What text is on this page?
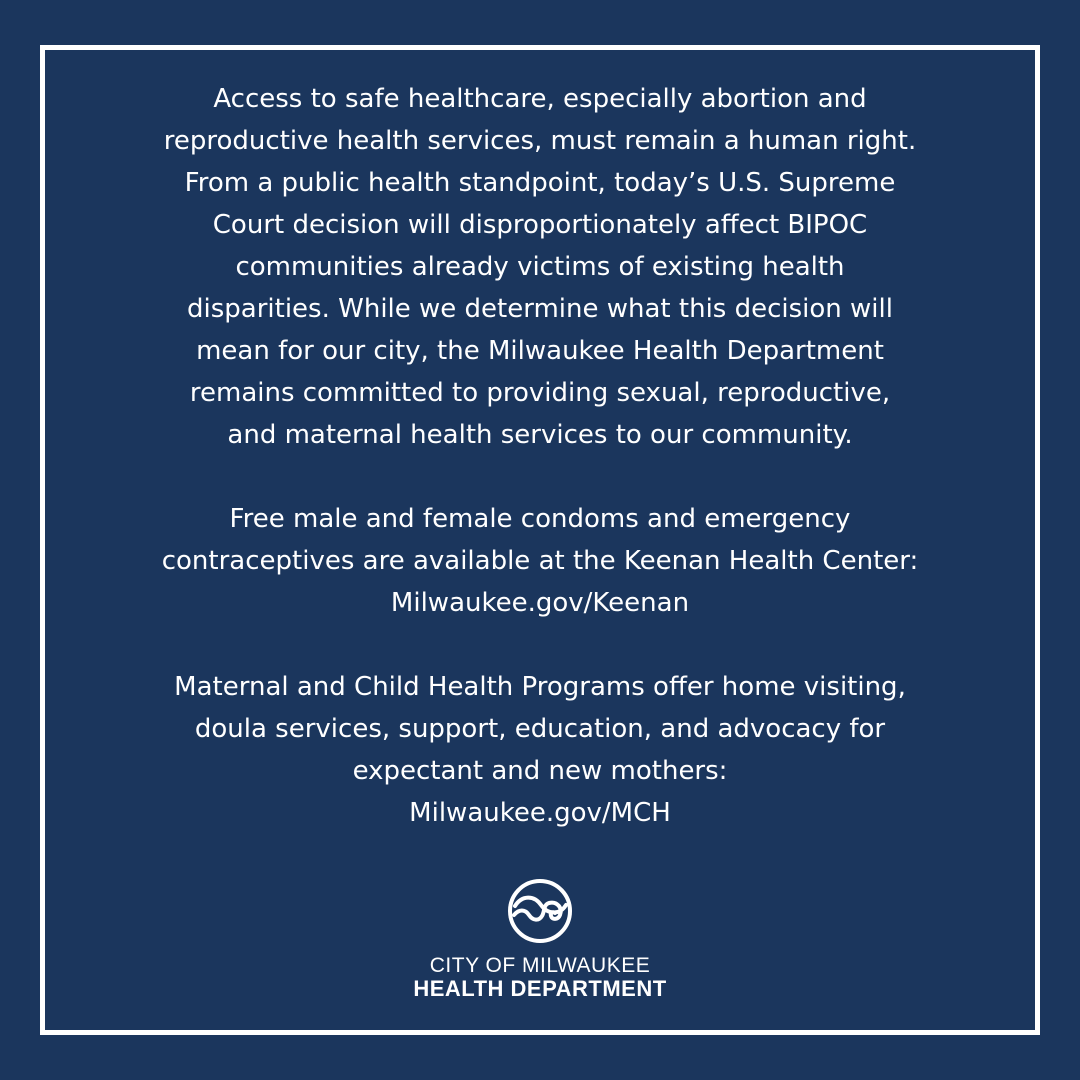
Access to safe healthcare, especially abortion and
reproductive health services, must remain a human right.
From a public health standpoint, today’s U.S. Supreme
Court decision will disproportionately affect BIPOC
communities already victims of existing health
disparities. While we determine what this decision will
mean for our city, the Milwaukee Health Department
remains committed to providing sexual, reproductive,
and maternal health services to our community.

Free male and female condoms and emergency
contraceptives are available at the Keenan Health Center:
Milwaukee.gov/Keenan

Maternal and Child Health Programs offer home visiting,
doula services, support, education, and advocacy for
expectant and new mothers:
Milwaukee.gov/MCH

CITY OF MILWAUKEE
HEALTH DEPARTMENT
